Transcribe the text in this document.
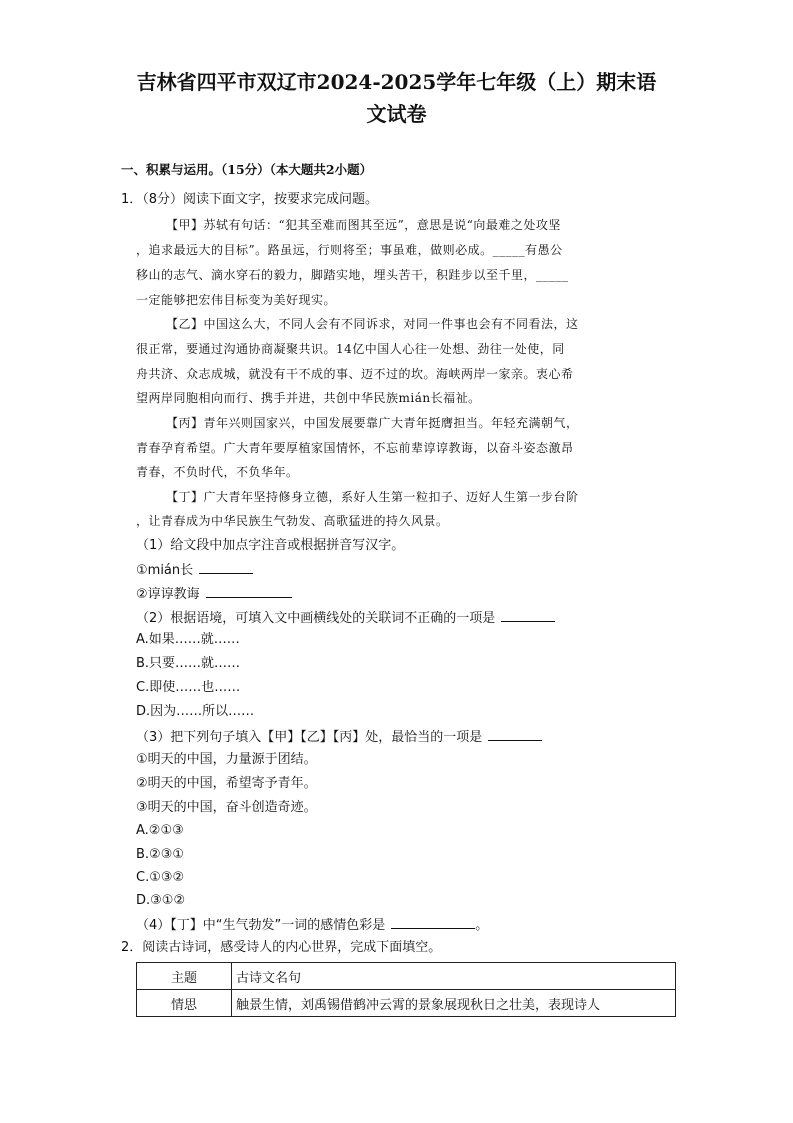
吉林省四平市双辽市2024-2025学年七年级（上）期末语
文试卷
一、积累与运用。（15分）（本大题共2小题）
1．（8分）阅读下面文字，按要求完成问题。
【甲】苏轼有句话：“犯其至难而图其至远”，意思是说“向最难之处攻坚
，追求最远大的目标”。路虽远，行则将至；事虽难，做则必成。_____有愚公
移山的志气、滴水穿石的毅力，脚踏实地，埋头苦干，积跬步以至千里，_____
一定能够把宏伟目标变为美好现实。
【乙】中国这么大，不同人会有不同诉求，对同一件事也会有不同看法，这
很正常，要通过沟通协商凝聚共识。14亿中国人心往一处想、劲往一处使，同
舟共济、众志成城，就没有干不成的事、迈不过的坎。海峡两岸一家亲。衷心希
望两岸同胞相向而行、携手并进，共创中华民族mián长福祉。
【丙】青年兴则国家兴，中国发展要靠广大青年挺膺担当。年轻充满朝气，
青春孕育希望。广大青年要厚植家国情怀，不忘前辈谆谆教诲，以奋斗姿态激昂
青春，不负时代，不负华年。
【丁】广大青年坚持修身立德，系好人生第一粒扣子、迈好人生第一步台阶
，让青春成为中华民族生气勃发、高歌猛进的持久风景。
（1）给文段中加点字注音或根据拼音写汉字。
①mián长
②谆谆教诲
（2）根据语境，可填入文中画横线处的关联词不正确的一项是
A.如果……就……
B.只要……就……
C.即使……也……
D.因为……所以……
（3）把下列句子填入【甲】【乙】【丙】处，最恰当的一项是
①明天的中国，力量源于团结。
②明天的中国，希望寄予青年。
③明天的中国，奋斗创造奇迹。
A.②①③
B.②③①
C.①③②
D.③①②
（4）【丁】中“生气勃发”一词的感情色彩是	。
2．阅读古诗词，感受诗人的内心世界，完成下面填空。
主题	古诗文名句
情思	触景生情，刘禹锡借鹤冲云霄的景象展现秋日之壮美，表现诗人
